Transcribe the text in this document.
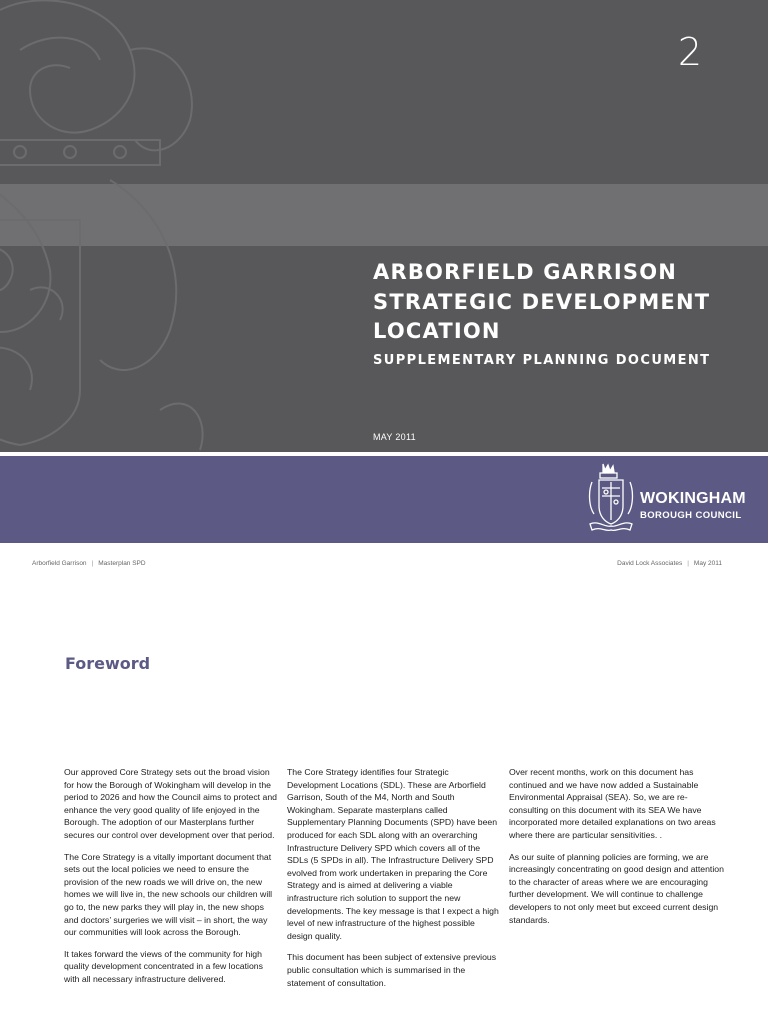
2
ARBORFIELD GARRISON STRATEGIC DEVELOPMENT LOCATION
SUPPLEMENTARY PLANNING DOCUMENT
MAY 2011
WOKINGHAM
BOROUGH COUNCIL
Arborfield Garrison | Masterplan SPD	David Lock Associates | May 2011
Foreword

Our approved Core Strategy sets out the broad vision for how the Borough of Wokingham will develop in the period to 2026 and how the Council aims to protect and enhance the very good quality of life enjoyed in the Borough. The adoption of our Masterplans further secures our control over development over that period.

The Core Strategy is a vitally important document that sets out the local policies we need to ensure the provision of the new roads we will drive on, the new homes we will live in, the new schools our children will go to, the new parks they will play in, the new shops and doctors’ surgeries we will visit – in short, the way our communities will look across the Borough.

It takes forward the views of the community for high quality development concentrated in a few locations with all necessary infrastructure delivered.

The Core Strategy identifies four Strategic Development Locations (SDL). These are Arborfield Garrison, South of the M4, North and South Wokingham. Separate masterplans called Supplementary Planning Documents (SPD) have been produced for each SDL along with an overarching Infrastructure Delivery SPD which covers all of the SDLs (5 SPDs in all). The Infrastructure Delivery SPD evolved from work undertaken in preparing the Core Strategy and is aimed at delivering a viable infrastructure rich solution to support the new developments. The key message is that I expect a high level of new infrastructure of the highest possible design quality.

This document has been subject of extensive previous public consultation which is summarised in the statement of consultation.

Over recent months, work on this document has continued and we have now added a Sustainable Environmental Appraisal (SEA). So, we are re-consulting on this document with its SEA We have incorporated more detailed explanations on two areas where there are particular sensitivities. .

As our suite of planning policies are forming, we are increasingly concentrating on good design and attention to the character of areas where we are encouraging further development. We will continue to challenge developers to not only meet but exceed current design standards.
